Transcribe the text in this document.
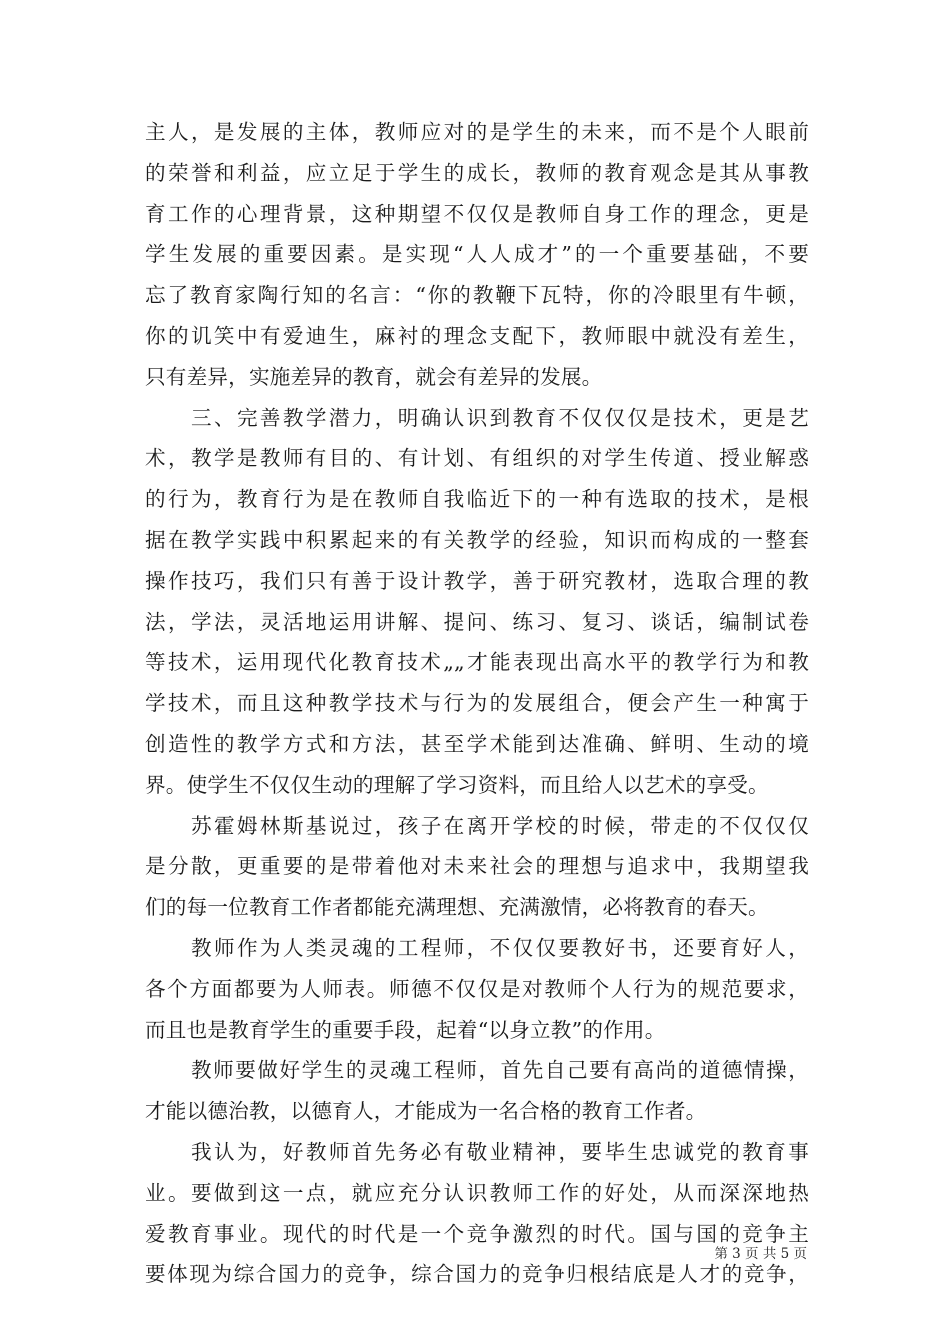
主人，是发展的主体，教师应对的是学生的未来，而不是个人眼前
的荣誉和利益，应立足于学生的成长，教师的教育观念是其从事教
育工作的心理背景，这种期望不仅仅是教师自身工作的理念，更是
学生发展的重要因素。是实现“人人成才”的一个重要基础，不要
忘了教育家陶行知的名言：“你的教鞭下瓦特，你的冷眼里有牛顿，
你的讥笑中有爱迪生，麻衬的理念支配下，教师眼中就没有差生，
只有差异，实施差异的教育，就会有差异的发展。
三、完善教学潜力，明确认识到教育不仅仅仅是技术，更是艺
术，教学是教师有目的、有计划、有组织的对学生传道、授业解惑
的行为，教育行为是在教师自我临近下的一种有选取的技术，是根
据在教学实践中积累起来的有关教学的经验，知识而构成的一整套
操作技巧，我们只有善于设计教学，善于研究教材，选取合理的教
法，学法，灵活地运用讲解、提问、练习、复习、谈话，编制试卷
等技术，运用现代化教育技术„„才能表现出高水平的教学行为和教
学技术，而且这种教学技术与行为的发展组合，便会产生一种寓于
创造性的教学方式和方法，甚至学术能到达准确、鲜明、生动的境
界。使学生不仅仅生动的理解了学习资料，而且给人以艺术的享受。
苏霍姆林斯基说过，孩子在离开学校的时候，带走的不仅仅仅
是分散，更重要的是带着他对未来社会的理想与追求中，我期望我
们的每一位教育工作者都能充满理想、充满激情，必将教育的春天。
教师作为人类灵魂的工程师，不仅仅要教好书，还要育好人，
各个方面都要为人师表。师德不仅仅是对教师个人行为的规范要求，
而且也是教育学生的重要手段，起着“以身立教”的作用。
教师要做好学生的灵魂工程师，首先自己要有高尚的道德情操，
才能以德治教，以德育人，才能成为一名合格的教育工作者。
我认为，好教师首先务必有敬业精神，要毕生忠诚党的教育事
业。要做到这一点，就应充分认识教师工作的好处，从而深深地热
爱教育事业。现代的时代是一个竞争激烈的时代。国与国的竞争主
要体现为综合国力的竞争，综合国力的竞争归根结底是人才的竞争，
第 3 页 共 5 页
